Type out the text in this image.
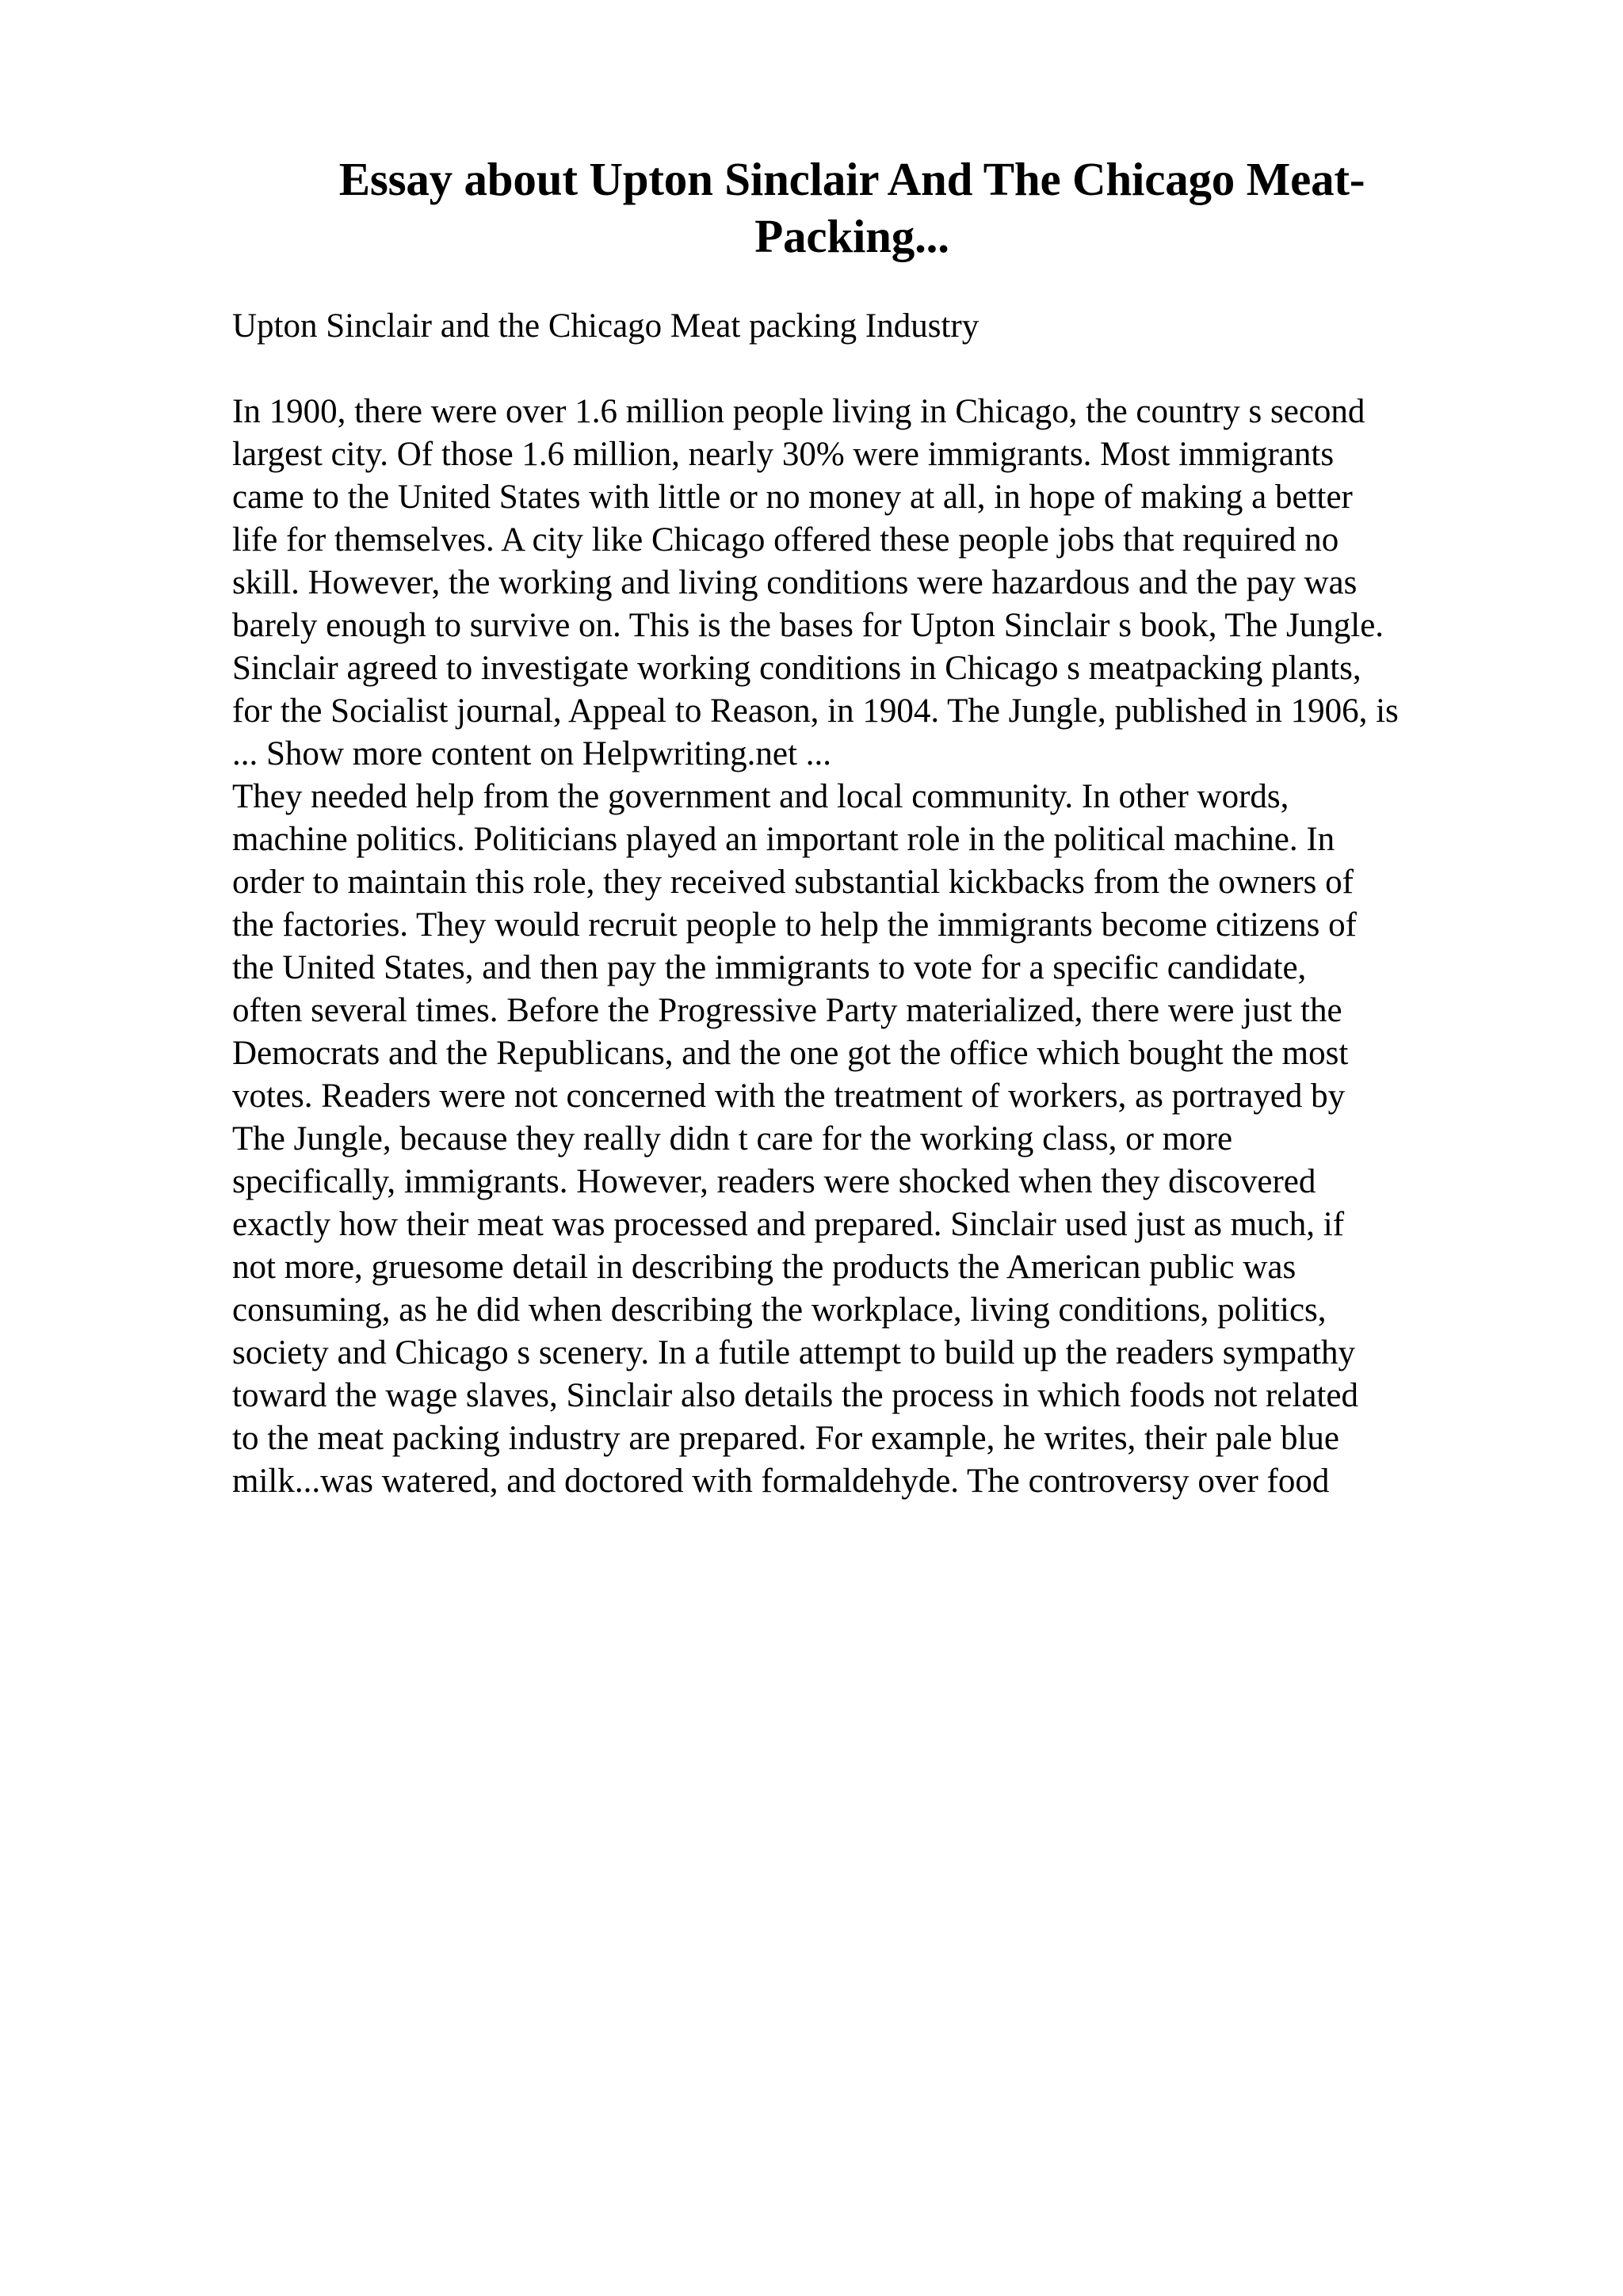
Essay about Upton Sinclair And The Chicago Meat-
Packing...

Upton Sinclair and the Chicago Meat packing Industry

In 1900, there were over 1.6 million people living in Chicago, the country s second

largest city. Of those 1.6 million, nearly 30% were immigrants. Most immigrants

came to the United States with little or no money at all, in hope of making a better

life for themselves. A city like Chicago offered these people jobs that required no

skill. However, the working and living conditions were hazardous and the pay was

barely enough to survive on. This is the bases for Upton Sinclair s book, The Jungle.

Sinclair agreed to investigate working conditions in Chicago s meatpacking plants,

for the Socialist journal, Appeal to Reason, in 1904. The Jungle, published in 1906, is

... Show more content on Helpwriting.net ...

They needed help from the government and local community. In other words,

machine politics. Politicians played an important role in the political machine. In

order to maintain this role, they received substantial kickbacks from the owners of

the factories. They would recruit people to help the immigrants become citizens of

the United States, and then pay the immigrants to vote for a specific candidate,

often several times. Before the Progressive Party materialized, there were just the

Democrats and the Republicans, and the one got the office which bought the most

votes. Readers were not concerned with the treatment of workers, as portrayed by

The Jungle, because they really didn t care for the working class, or more

specifically, immigrants. However, readers were shocked when they discovered

exactly how their meat was processed and prepared. Sinclair used just as much, if

not more, gruesome detail in describing the products the American public was

consuming, as he did when describing the workplace, living conditions, politics,

society and Chicago s scenery. In a futile attempt to build up the readers sympathy

toward the wage slaves, Sinclair also details the process in which foods not related

to the meat packing industry are prepared. For example, he writes, their pale blue

milk...was watered, and doctored with formaldehyde. The controversy over food
